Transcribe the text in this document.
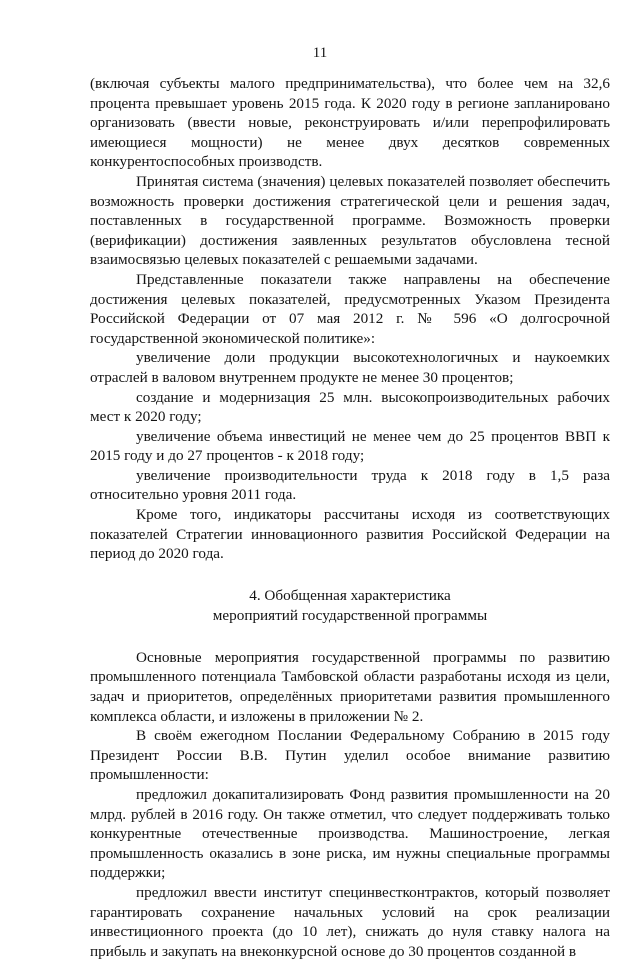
11

(включая субъекты малого предпринимательства), что более чем на 32,6 процента превышает уровень 2015 года. К 2020 году в регионе запланировано организовать (ввести новые, реконструировать и/или перепрофилировать имеющиеся мощности) не менее двух десятков современных конкурентоспособных производств.

Принятая система (значения) целевых показателей позволяет обеспечить возможность проверки достижения стратегической цели и решения задач, поставленных в государственной программе. Возможность проверки (верификации) достижения заявленных результатов обусловлена тесной взаимосвязью целевых показателей с решаемыми задачами.

Представленные показатели также направлены на обеспечение достижения целевых показателей, предусмотренных Указом Президента Российской Федерации от 07 мая 2012 г. № 596 «О долгосрочной государственной экономической политике»:

увеличение доли продукции высокотехнологичных и наукоемких отраслей в валовом внутреннем продукте не менее 30 процентов;

создание и модернизация 25 млн. высокопроизводительных рабочих мест к 2020 году;

увеличение объема инвестиций не менее чем до 25 процентов ВВП к 2015 году и до 27 процентов - к 2018 году;

увеличение производительности труда к 2018 году в 1,5 раза относительно уровня 2011 года.

Кроме того, индикаторы рассчитаны исходя из соответствующих показателей Стратегии инновационного развития Российской Федерации на период до 2020 года.

4. Обобщенная характеристика
мероприятий государственной программы

Основные мероприятия государственной программы по развитию промышленного потенциала Тамбовской области разработаны исходя из цели, задач и приоритетов, определённых приоритетами развития промышленного комплекса области, и изложены в приложении № 2.

В своём ежегодном Послании Федеральному Собранию в 2015 году Президент России В.В. Путин уделил особое внимание развитию промышленности:

предложил докапитализировать Фонд развития промышленности на 20 млрд. рублей в 2016 году. Он также отметил, что следует поддерживать только конкурентные отечественные производства. Машиностроение, легкая промышленность оказались в зоне риска, им нужны специальные программы поддержки;

предложил ввести институт специнвестконтрактов, который позволяет гарантировать сохранение начальных условий на срок реализации инвестиционного проекта (до 10 лет), снижать до нуля ставку налога на прибыль и закупать на внеконкурсной основе до 30 процентов созданной в
